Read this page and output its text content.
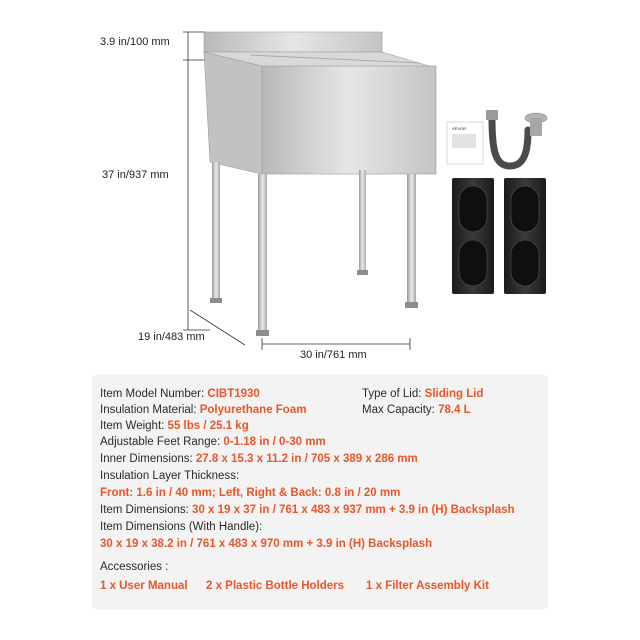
VEVOR
3.9 in/100 mm
37 in/937 mm
19 in/483 mm
30 in/761 mm
Item Model Number: CIBT1930	Type of Lid: Sliding Lid
Insulation Material: Polyurethane Foam	Max Capacity: 78.4 L
Item Weight: 55 lbs / 25.1 kg
Adjustable Feet Range: 0-1.18 in / 0-30 mm
Inner Dimensions: 27.8 x 15.3 x 11.2 in / 705 x 389 x 286 mm
Insulation Layer Thickness:
Front: 1.6 in / 40 mm; Left, Right & Back: 0.8 in / 20 mm
Item Dimensions: 30 x 19 x 37 in / 761 x 483 x 937 mm + 3.9 in (H) Backsplash
Item Dimensions (With Handle):
30 x 19 x 38.2 in / 761 x 483 x 970 mm + 3.9 in (H) Backsplash
Accessories :
1 x User Manual 2 x Plastic Bottle Holders 1 x Filter Assembly Kit
